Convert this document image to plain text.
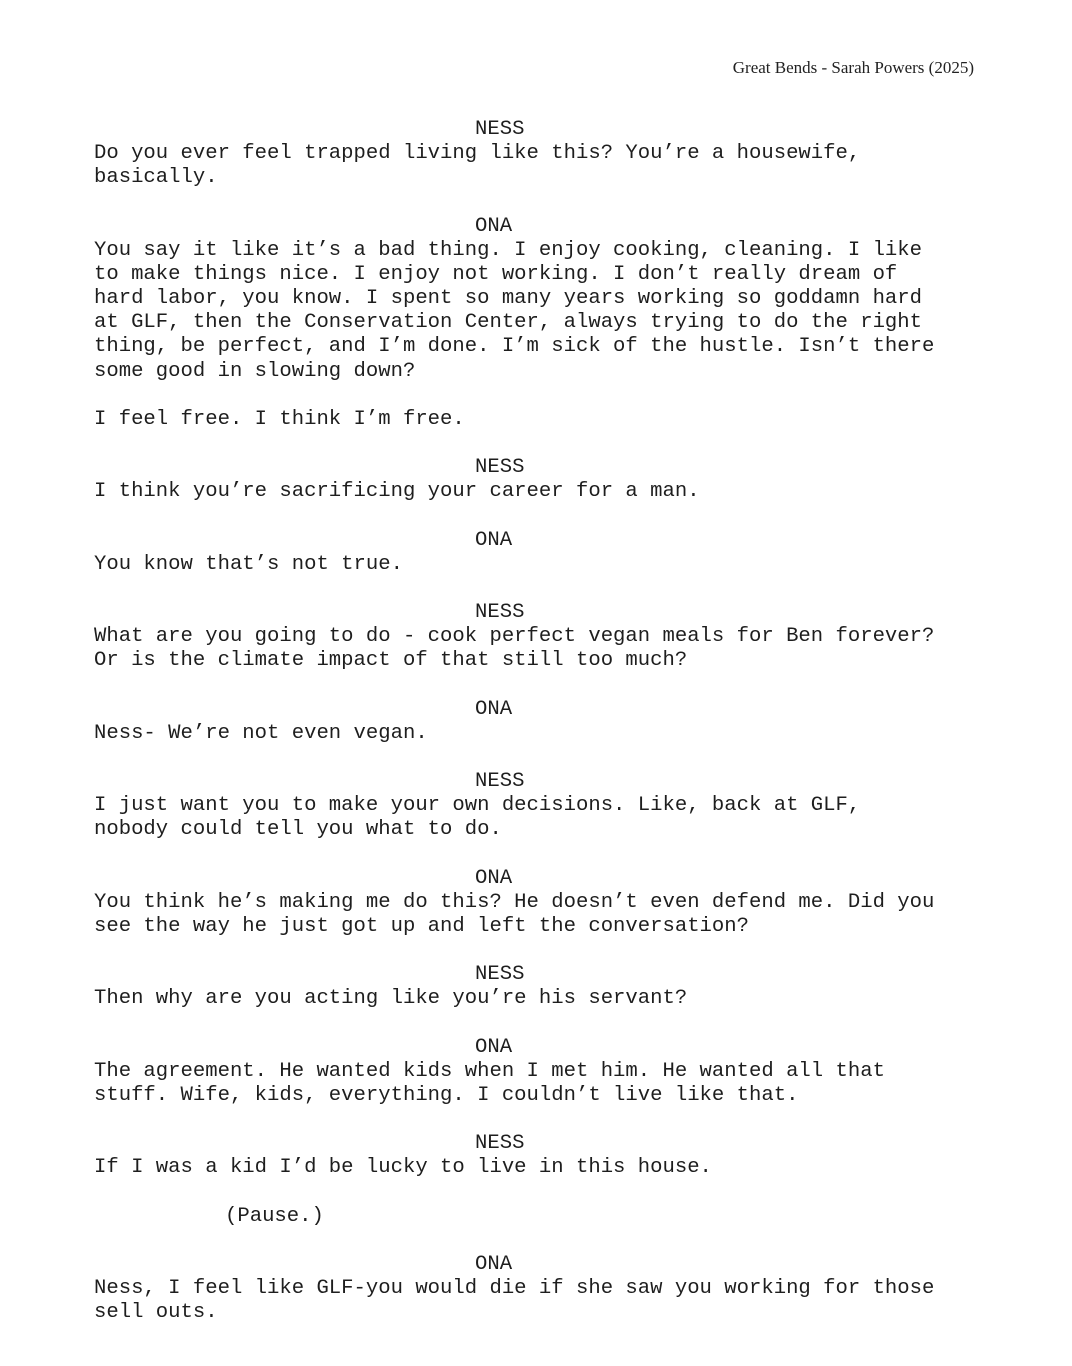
Great Bends - Sarah Powers (2025)

NESS

Do you ever feel trapped living like this? You’re a housewife,
basically.

ONA

You say it like it’s a bad thing. I enjoy cooking, cleaning. I like
to make things nice. I enjoy not working. I don’t really dream of
hard labor, you know. I spent so many years working so goddamn hard
at GLF, then the Conservation Center, always trying to do the right
thing, be perfect, and I’m done. I’m sick of the hustle. Isn’t there
some good in slowing down?

I feel free. I think I’m free.

NESS

I think you’re sacrificing your career for a man.

ONA

You know that’s not true.

NESS

What are you going to do - cook perfect vegan meals for Ben forever?
Or is the climate impact of that still too much?

ONA

Ness- We’re not even vegan.

NESS

I just want you to make your own decisions. Like, back at GLF,
nobody could tell you what to do.

ONA

You think he’s making me do this? He doesn’t even defend me. Did you
see the way he just got up and left the conversation?

NESS

Then why are you acting like you’re his servant?

ONA

The agreement. He wanted kids when I met him. He wanted all that
stuff. Wife, kids, everything. I couldn’t live like that.

NESS

If I was a kid I’d be lucky to live in this house.

(Pause.)

ONA

Ness, I feel like GLF-you would die if she saw you working for those
sell outs.
